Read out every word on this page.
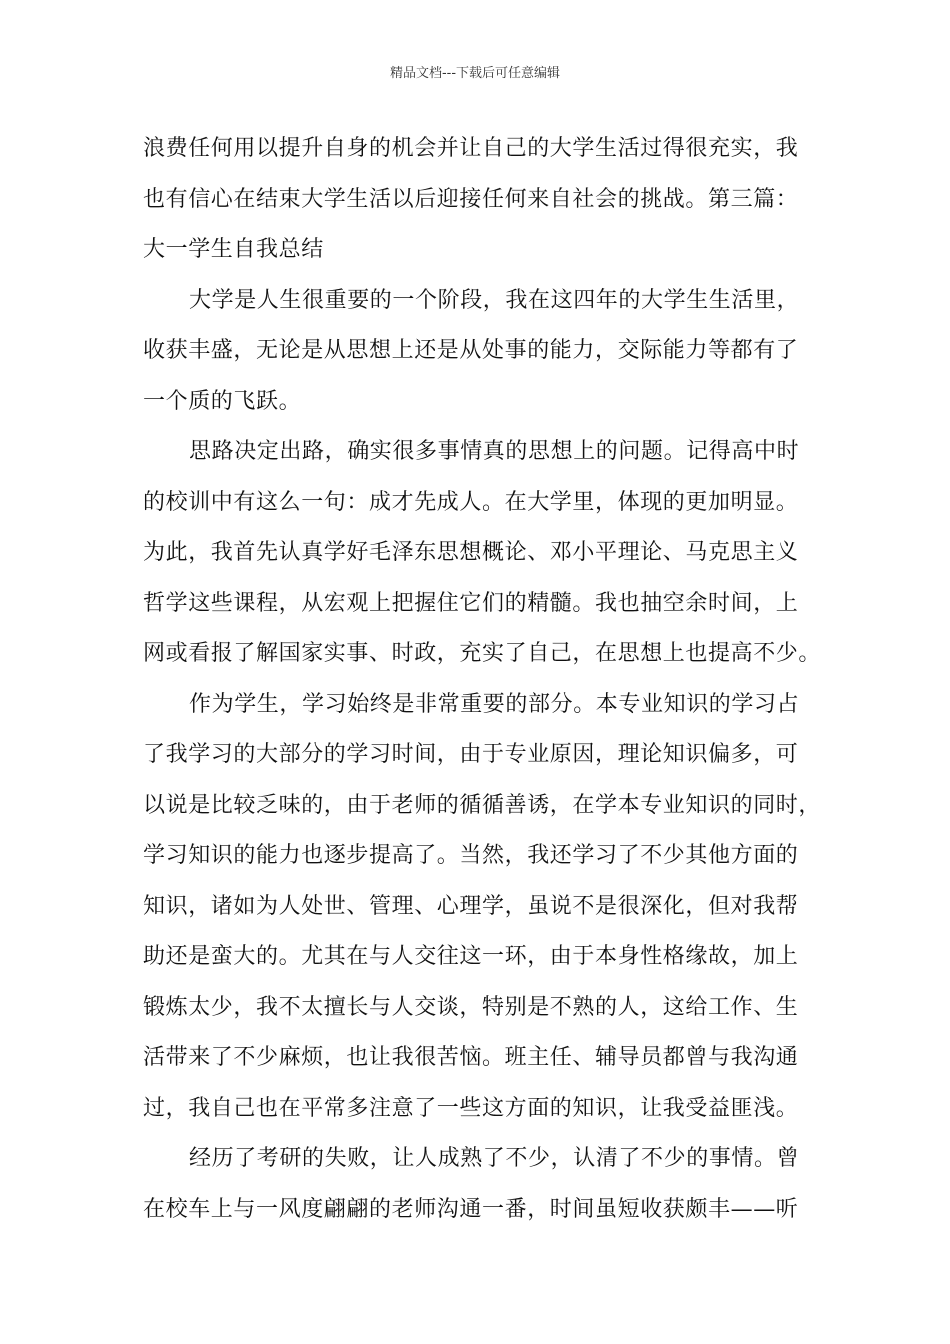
精品文档---下载后可任意编辑
浪费任何用以提升自身的机会并让自己的大学生活过得很充实，我
也有信心在结束大学生活以后迎接任何来自社会的挑战。第三篇：
大一学生自我总结
大学是人生很重要的一个阶段，我在这四年的大学生生活里，
收获丰盛，无论是从思想上还是从处事的能力，交际能力等都有了
一个质的飞跃。
思路决定出路，确实很多事情真的思想上的问题。记得高中时
的校训中有这么一句：成才先成人。在大学里，体现的更加明显。
为此，我首先认真学好毛泽东思想概论、邓小平理论、马克思主义
哲学这些课程，从宏观上把握住它们的精髓。我也抽空余时间，上
网或看报了解国家实事、时政，充实了自己，在思想上也提高不少。
作为学生，学习始终是非常重要的部分。本专业知识的学习占
了我学习的大部分的学习时间，由于专业原因，理论知识偏多，可
以说是比较乏味的，由于老师的循循善诱，在学本专业知识的同时，
学习知识的能力也逐步提高了。当然，我还学习了不少其他方面的
知识，诸如为人处世、管理、心理学，虽说不是很深化，但对我帮
助还是蛮大的。尤其在与人交往这一环，由于本身性格缘故，加上
锻炼太少，我不太擅长与人交谈，特别是不熟的人，这给工作、生
活带来了不少麻烦，也让我很苦恼。班主任、辅导员都曾与我沟通
过，我自己也在平常多注意了一些这方面的知识，让我受益匪浅。
经历了考研的失败，让人成熟了不少，认清了不少的事情。曾
在校车上与一风度翩翩的老师沟通一番，时间虽短收获颇丰——听
